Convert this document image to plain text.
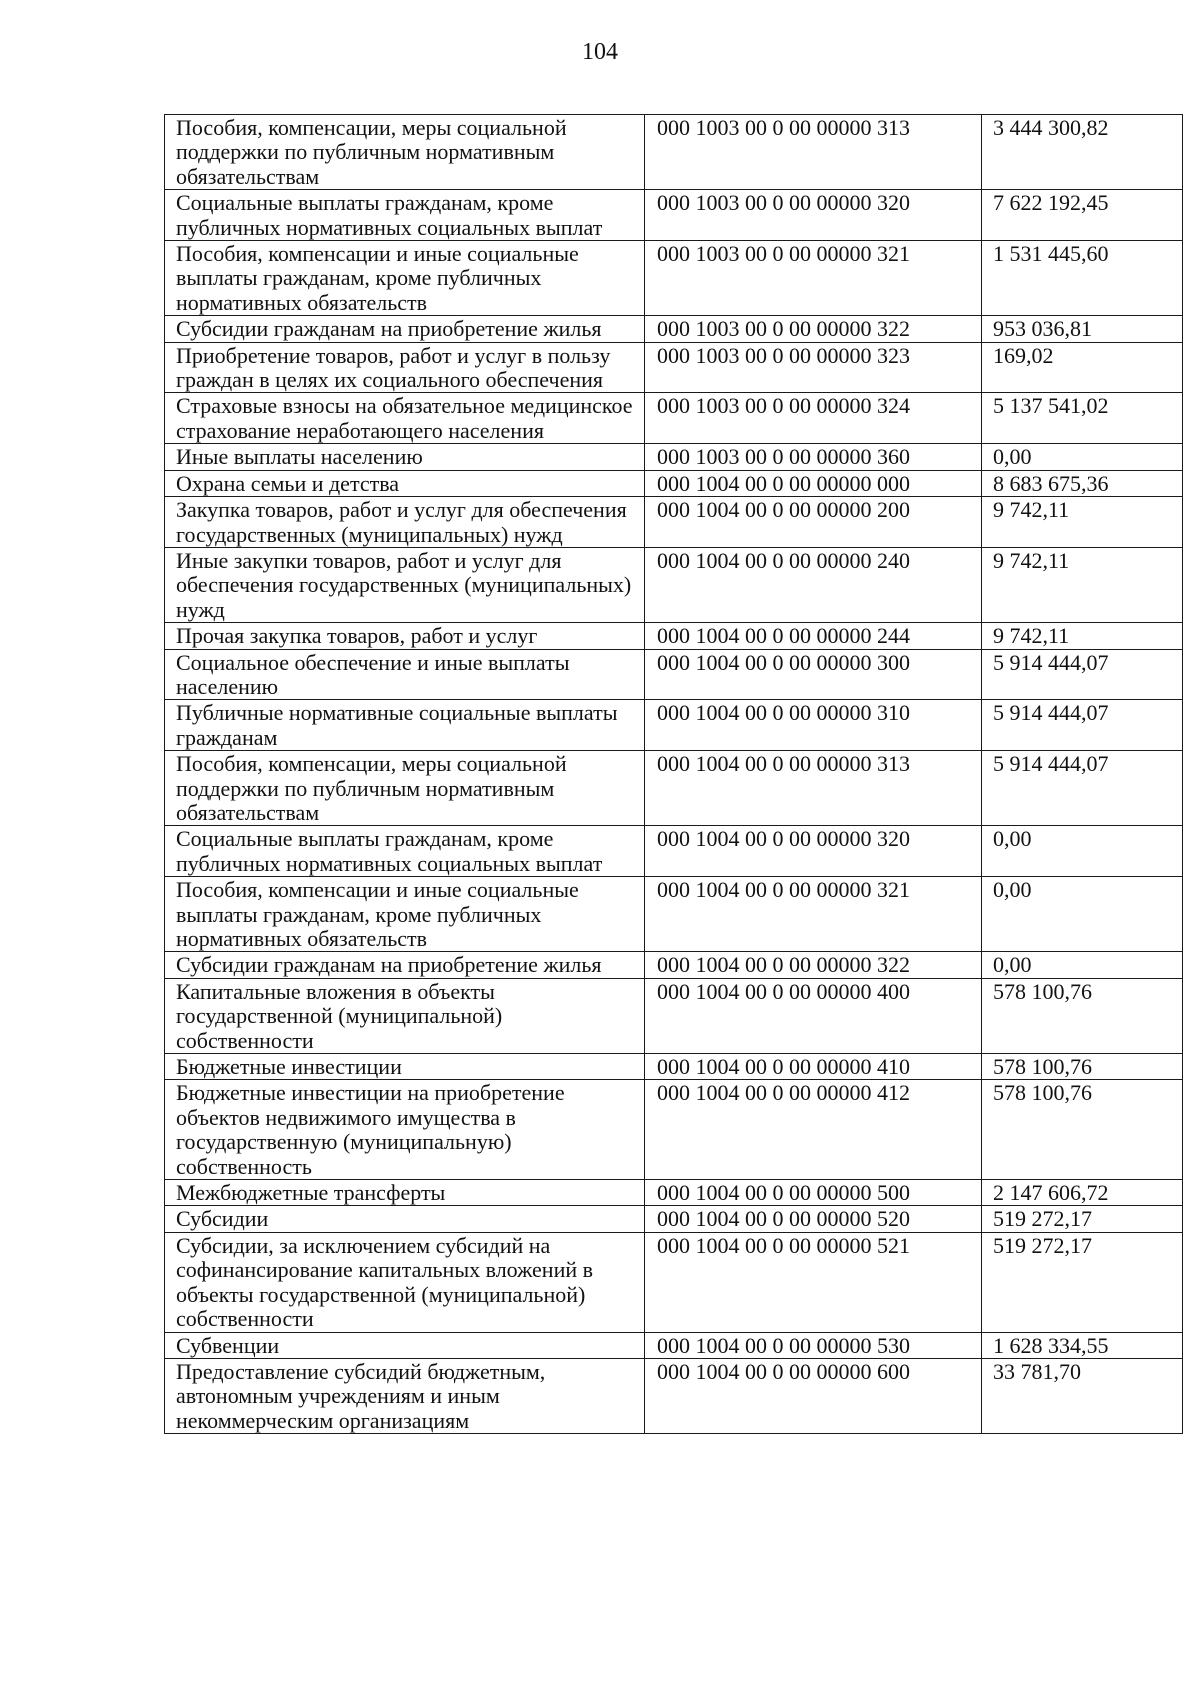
104
Пособия, компенсации, меры социальной поддержки по публичным нормативным обязательствам	000 1003 00 0 00 00000 313	3 444 300,82
Социальные выплаты гражданам, кроме публичных нормативных социальных выплат	000 1003 00 0 00 00000 320	7 622 192,45
Пособия, компенсации и иные социальные выплаты гражданам, кроме публичных нормативных обязательств	000 1003 00 0 00 00000 321	1 531 445,60
Субсидии гражданам на приобретение жилья	000 1003 00 0 00 00000 322	953 036,81
Приобретение товаров, работ и услуг в пользу граждан в целях их социального обеспечения	000 1003 00 0 00 00000 323	169,02
Страховые взносы на обязательное медицинское страхование неработающего населения	000 1003 00 0 00 00000 324	5 137 541,02
Иные выплаты населению	000 1003 00 0 00 00000 360	0,00
Охрана семьи и детства	000 1004 00 0 00 00000 000	8 683 675,36
Закупка товаров, работ и услуг для обеспечения государственных (муниципальных) нужд	000 1004 00 0 00 00000 200	9 742,11
Иные закупки товаров, работ и услуг для обеспечения государственных (муниципальных) нужд	000 1004 00 0 00 00000 240	9 742,11
Прочая закупка товаров, работ и услуг	000 1004 00 0 00 00000 244	9 742,11
Социальное обеспечение и иные выплаты населению	000 1004 00 0 00 00000 300	5 914 444,07
Публичные нормативные социальные выплаты гражданам	000 1004 00 0 00 00000 310	5 914 444,07
Пособия, компенсации, меры социальной поддержки по публичным нормативным обязательствам	000 1004 00 0 00 00000 313	5 914 444,07
Социальные выплаты гражданам, кроме публичных нормативных социальных выплат	000 1004 00 0 00 00000 320	0,00
Пособия, компенсации и иные социальные выплаты гражданам, кроме публичных нормативных обязательств	000 1004 00 0 00 00000 321	0,00
Субсидии гражданам на приобретение жилья	000 1004 00 0 00 00000 322	0,00
Капитальные вложения в объекты государственной (муниципальной) собственности	000 1004 00 0 00 00000 400	578 100,76
Бюджетные инвестиции	000 1004 00 0 00 00000 410	578 100,76
Бюджетные инвестиции на приобретение объектов недвижимого имущества в государственную (муниципальную) собственность	000 1004 00 0 00 00000 412	578 100,76
Межбюджетные трансферты	000 1004 00 0 00 00000 500	2 147 606,72
Субсидии	000 1004 00 0 00 00000 520	519 272,17
Субсидии, за исключением субсидий на софинансирование капитальных вложений в объекты государственной (муниципальной) собственности	000 1004 00 0 00 00000 521	519 272,17
Субвенции	000 1004 00 0 00 00000 530	1 628 334,55
Предоставление субсидий бюджетным, автономным учреждениям и иным некоммерческим организациям	000 1004 00 0 00 00000 600	33 781,70
